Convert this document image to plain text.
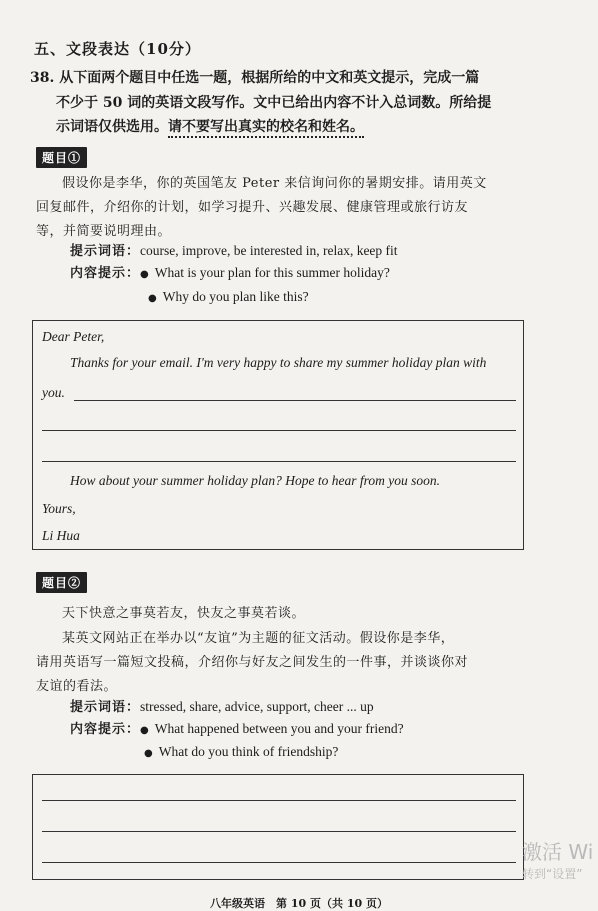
五、文段表达（10分）
38. 从下面两个题目中任选一题，根据所给的中文和英文提示，完成一篇
不少于 50 词的英语文段写作。文中已给出内容不计入总词数。所给提
示词语仅供选用。请不要写出真实的校名和姓名。
题目①
假设你是李华，你的英国笔友 Peter 来信询问你的暑期安排。请用英文
回复邮件，介绍你的计划，如学习提升、兴趣发展、健康管理或旅行访友
等，并简要说明理由。
提示词语：course, improve, be interested in, relax, keep fit
内容提示：● What is your plan for this summer holiday?
● Why do you plan like this?
Dear Peter,
Thanks for your email. I'm very happy to share my summer holiday plan with
you.
How about your summer holiday plan? Hope to hear from you soon.
Yours,
Li Hua
题目②
天下快意之事莫若友，快友之事莫若谈。
某英文网站正在举办以“友谊”为主题的征文活动。假设你是李华，
请用英语写一篇短文投稿，介绍你与好友之间发生的一件事，并谈谈你对
友谊的看法。
提示词语：stressed, share, advice, support, cheer ... up
内容提示：● What happened between you and your friend?
● What do you think of friendship?
激活 Wi
转到“设置”
八年级英语　第 10 页（共 10 页）
